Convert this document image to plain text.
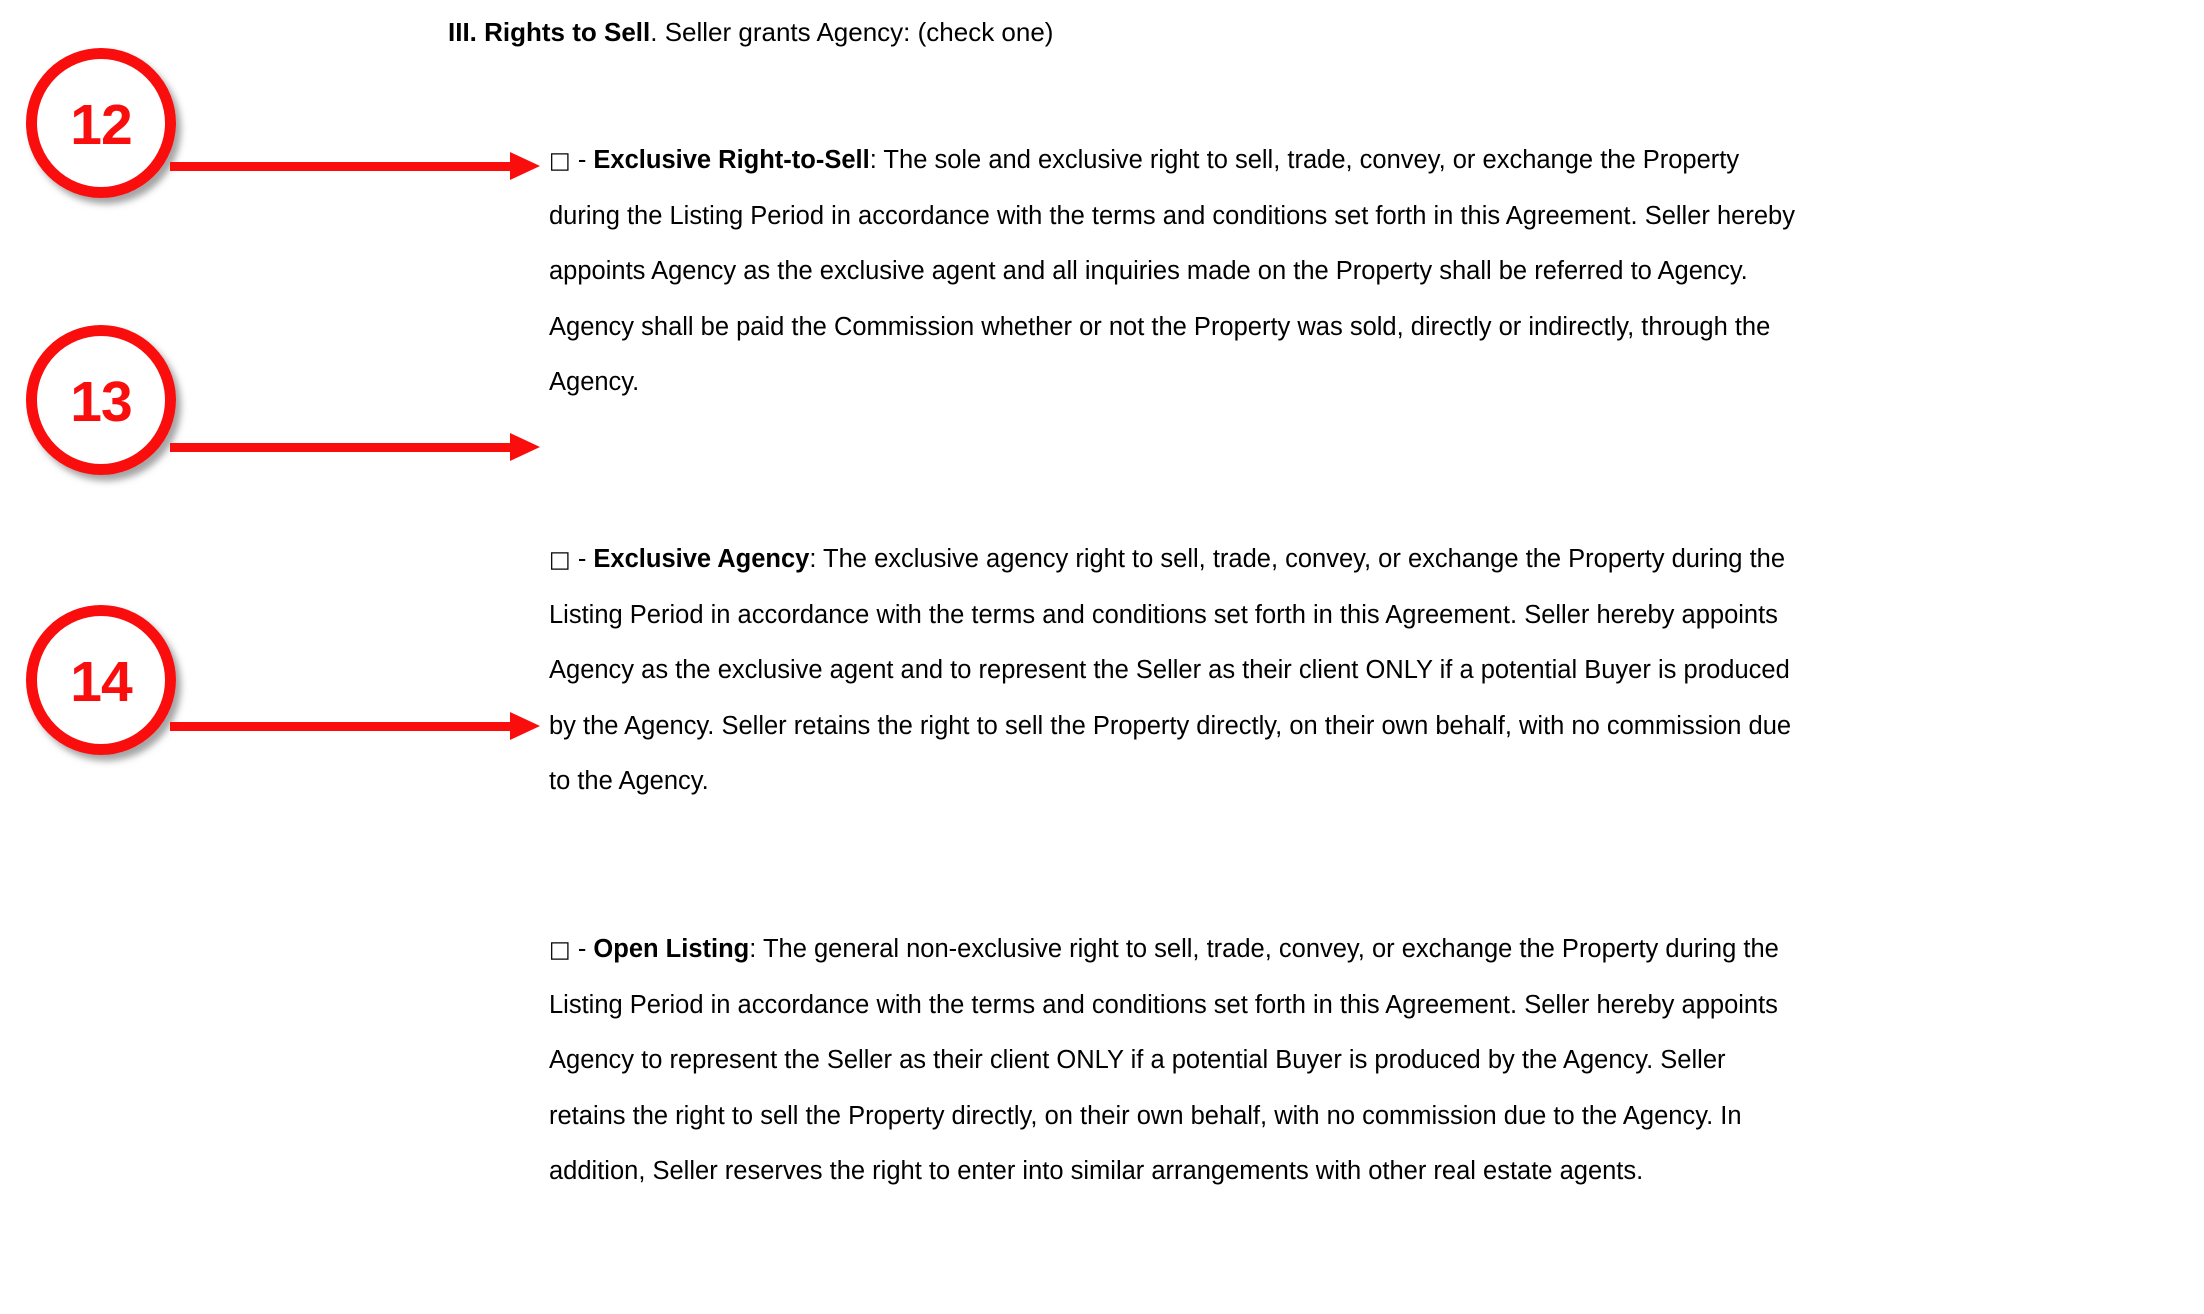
III. Rights to Sell. Seller grants Agency: (check one)
□ - Exclusive Right-to-Sell: The sole and exclusive right to sell, trade, convey, or exchange the Property during the Listing Period in accordance with the terms and conditions set forth in this Agreement. Seller hereby appoints Agency as the exclusive agent and all inquiries made on the Property shall be referred to Agency. Agency shall be paid the Commission whether or not the Property was sold, directly or indirectly, through the Agency.
□ - Exclusive Agency: The exclusive agency right to sell, trade, convey, or exchange the Property during the Listing Period in accordance with the terms and conditions set forth in this Agreement. Seller hereby appoints Agency as the exclusive agent and to represent the Seller as their client ONLY if a potential Buyer is produced by the Agency. Seller retains the right to sell the Property directly, on their own behalf, with no commission due to the Agency.
□ - Open Listing: The general non-exclusive right to sell, trade, convey, or exchange the Property during the Listing Period in accordance with the terms and conditions set forth in this Agreement. Seller hereby appoints Agency to represent the Seller as their client ONLY if a potential Buyer is produced by the Agency. Seller retains the right to sell the Property directly, on their own behalf, with no commission due to the Agency. In addition, Seller reserves the right to enter into similar arrangements with other real estate agents.
12
13
14
